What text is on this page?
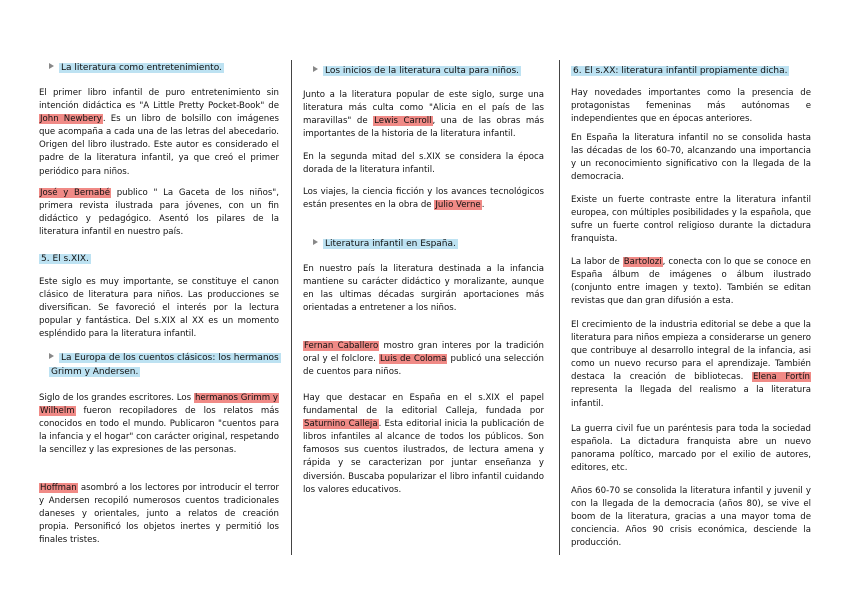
La literatura como entretenimiento.
El primer libro infantil de puro entretenimiento sin intención didáctica es "A Little Pretty Pocket-Book" de John Newbery. Es un libro de bolsillo con imágenes que acompaña a cada una de las letras del abecedario. Origen del libro ilustrado. Este autor es considerado el padre de la literatura infantil, ya que creó el primer periódico para niños.
José y Bernabé publico " La Gaceta de los niños", primera revista ilustrada para jóvenes, con un fin didáctico y pedagógico. Asentó los pilares de la literatura infantil en nuestro país.
5. El s.XIX.
Este siglo es muy importante, se constituye el canon clásico de literatura para niños. Las producciones se diversifican. Se favoreció el interés por la lectura popular y fantástica. Del s.XIX al XX es un momento espléndido para la literatura infantil.
La Europa de los cuentos clásicos: los hermanos Grimm y Andersen.
Siglo de los grandes escritores. Los hermanos Grimm y Wilhelm fueron recopiladores de los relatos más conocidos en todo el mundo. Publicaron "cuentos para la infancia y el hogar" con carácter original, respetando la sencillez y las expresiones de las personas.
Hoffman asombró a los lectores por introducir el terror y Andersen recopiló numerosos cuentos tradicionales daneses y orientales, junto a relatos de creación propia. Personificó los objetos inertes y permitió los finales tristes.
Los inicios de la literatura culta para niños.
Junto a la literatura popular de este siglo, surge una literatura más culta como "Alicia en el país de las maravillas" de Lewis Carroll, una de las obras más importantes de la historia de la literatura infantil.
En la segunda mitad del s.XIX se considera la época dorada de la literatura infantil.
Los viajes, la ciencia ficción y los avances tecnológicos están presentes en la obra de Julio Verne.
Literatura infantil en España.
En nuestro país la literatura destinada a la infancia mantiene su carácter didáctico y moralizante, aunque en las ultimas décadas surgirán aportaciones más orientadas a entretener a los niños.
Fernan Caballero mostro gran interes por la tradición oral y el folclore. Luis de Coloma publicó una selección de cuentos para niños.
Hay que destacar en España en el s.XIX el papel fundamental de la editorial Calleja, fundada por Saturnino Calleja. Esta editorial inicia la publicación de libros infantiles al alcance de todos los públicos. Son famosos sus cuentos ilustrados, de lectura amena y rápida y se caracterizan por juntar enseñanza y diversión. Buscaba popularizar el libro infantil cuidando los valores educativos.
6. El s.XX: literatura infantil propiamente dicha.
Hay novedades importantes como la presencia de protagonistas femeninas más autónomas e independientes que en épocas anteriores.
En España la literatura infantil no se consolida hasta las décadas de los 60-70, alcanzando una importancia y un reconocimiento significativo con la llegada de la democracia.
Existe un fuerte contraste entre la literatura infantil europea, con múltiples posibilidades y la española, que sufre un fuerte control religioso durante la dictadura franquista.
La labor de Bartolozi, conecta con lo que se conoce en España álbum de imágenes o álbum ilustrado (conjunto entre imagen y texto). También se editan revistas que dan gran difusión a esta.
El crecimiento de la industria editorial se debe a que la literatura para niños empieza a considerarse un genero que contribuye al desarrollo integral de la infancia, asi como un nuevo recurso para el aprendizaje. También destaca la creación de bibliotecas. Elena Fortín representa la llegada del realismo a la literatura infantil.
La guerra civil fue un paréntesis para toda la sociedad española. La dictadura franquista abre un nuevo panorama político, marcado por el exilio de autores, editores, etc.
Años 60-70 se consolida la literatura infantil y juvenil y con la llegada de la democracia (años 80), se vive el boom de la literatura, gracias a una mayor toma de conciencia. Años 90 crisis económica, desciende la producción.
